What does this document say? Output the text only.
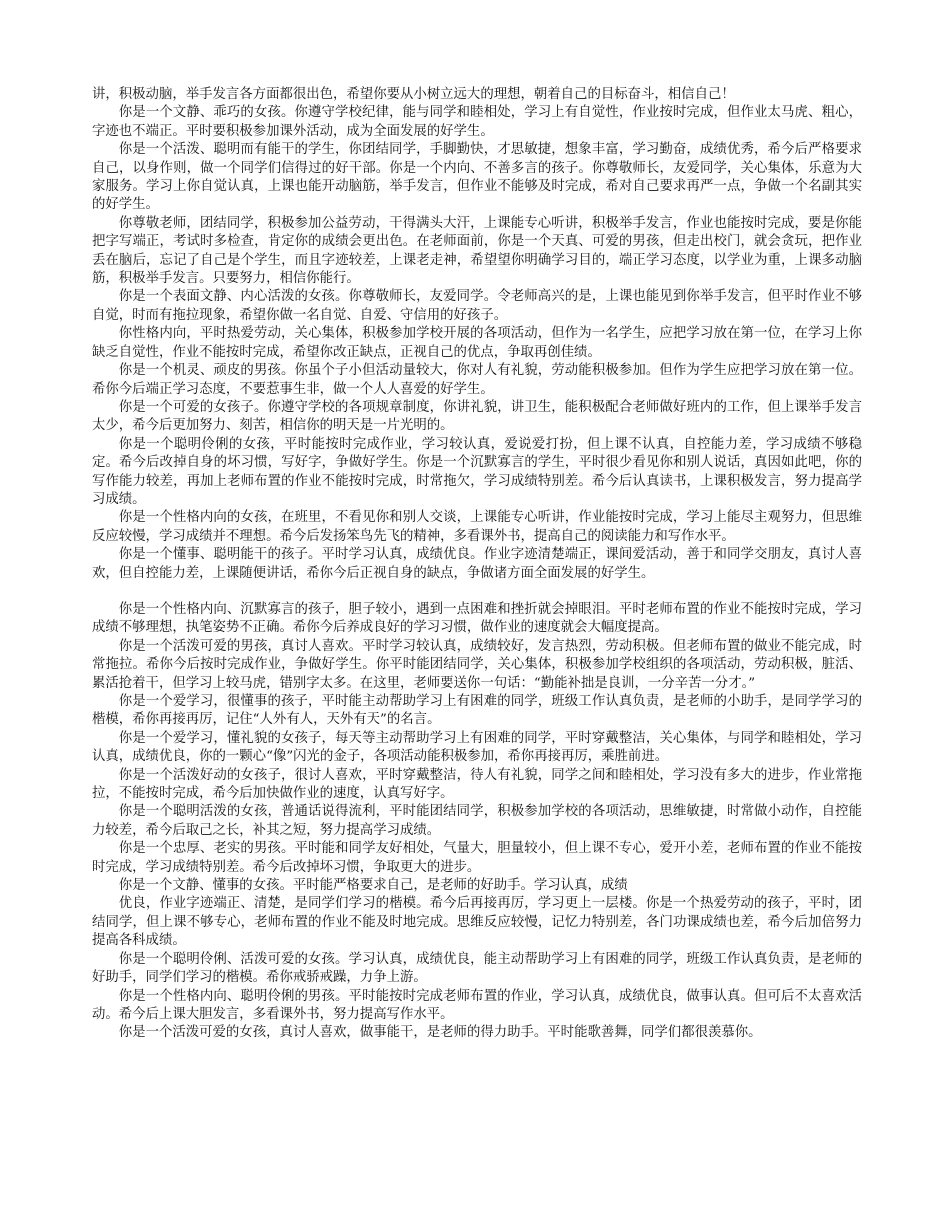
讲，积极动脑，举手发言各方面都很出色，希望你要从小树立远大的理想，朝着自己的目标奋斗，相信自己！

你是一个文静、乖巧的女孩。你遵守学校纪律，能与同学和睦相处，学习上有自觉性，作业按时完成，但作业太马虎、粗心，字迹也不端正。平时要积极参加课外活动，成为全面发展的好学生。

你是一个活泼、聪明而有能干的学生，你团结同学，手脚勤快，才思敏捷，想象丰富，学习勤奋，成绩优秀，希今后严格要求自己，以身作则，做一个同学们信得过的好干部。你是一个内向、不善多言的孩子。你尊敬师长，友爱同学，关心集体，乐意为大家服务。学习上你自觉认真，上课也能开动脑筋，举手发言，但作业不能够及时完成，希对自己要求再严一点，争做一个名副其实的好学生。

你尊敬老师，团结同学，积极参加公益劳动，干得满头大汗，上课能专心听讲，积极举手发言，作业也能按时完成，要是你能把字写端正，考试时多检查，肯定你的成绩会更出色。在老师面前，你是一个天真、可爱的男孩，但走出校门，就会贪玩，把作业丢在脑后，忘记了自己是个学生，而且字迹较差，上课老走神，希望望你明确学习目的，端正学习态度，以学业为重，上课多动脑筋，积极举手发言。只要努力，相信你能行。

你是一个表面文静、内心活泼的女孩。你尊敬师长，友爱同学。令老师高兴的是，上课也能见到你举手发言，但平时作业不够自觉，时而有拖拉现象，希望你做一名自觉、自爱、守信用的好孩子。

你性格内向，平时热爱劳动，关心集体，积极参加学校开展的各项活动，但作为一名学生，应把学习放在第一位，在学习上你缺乏自觉性，作业不能按时完成，希望你改正缺点，正视自己的优点，争取再创佳绩。

你是一个机灵、顽皮的男孩。你虽个子小但活动量较大，你对人有礼貌，劳动能积极参加。但作为学生应把学习放在第一位。希你今后端正学习态度，不要惹事生非，做一个人人喜爱的好学生。

你是一个可爱的女孩子。你遵守学校的各项规章制度，你讲礼貌，讲卫生，能积极配合老师做好班内的工作，但上课举手发言太少，希今后更加努力、刻苦，相信你的明天是一片光明的。

你是一个聪明伶俐的女孩，平时能按时完成作业，学习较认真，爱说爱打扮，但上课不认真，自控能力差，学习成绩不够稳定。希今后改掉自身的坏习惯，写好字，争做好学生。你是一个沉默寡言的学生，平时很少看见你和别人说话，真因如此吧，你的写作能力较差，再加上老师布置的作业不能按时完成，时常拖欠，学习成绩特别差。希今后认真读书，上课积极发言，努力提高学习成绩。

你是一个性格内向的女孩，在班里，不看见你和别人交谈，上课能专心听讲，作业能按时完成，学习上能尽主观努力，但思维反应较慢，学习成绩并不理想。希今后发扬笨鸟先飞的精神，多看课外书，提高自己的阅读能力和写作水平。

你是一个懂事、聪明能干的孩子。平时学习认真，成绩优良。作业字迹清楚端正，课间爱活动，善于和同学交朋友，真讨人喜欢，但自控能力差，上课随便讲话，希你今后正视自身的缺点，争做诸方面全面发展的好学生。

你是一个性格内向、沉默寡言的孩子，胆子较小，遇到一点困难和挫折就会掉眼泪。平时老师布置的作业不能按时完成，学习成绩不够理想，执笔姿势不正确。希你今后养成良好的学习习惯，做作业的速度就会大幅度提高。

你是一个活泼可爱的男孩，真讨人喜欢。平时学习较认真，成绩较好，发言热烈，劳动积极。但老师布置的做业不能完成，时常拖拉。希你今后按时完成作业，争做好学生。你平时能团结同学，关心集体，积极参加学校组织的各项活动，劳动积极，脏活、累活抢着干，但学习上较马虎，错别字太多。在这里，老师要送你一句话：“勤能补拙是良训，一分辛苦一分才。”

你是一个爱学习，很懂事的孩子，平时能主动帮助学习上有困难的同学，班级工作认真负责，是老师的小助手，是同学学习的楷模，希你再接再厉，记住“人外有人，天外有天”的名言。

你是一个爱学习，懂礼貌的女孩子，每天等主动帮助学习上有困难的同学，平时穿戴整洁，关心集体，与同学和睦相处，学习认真，成绩优良，你的一颗心“像”闪光的金子，各项活动能积极参加，希你再接再厉，乘胜前进。

你是一个活泼好动的女孩子，很讨人喜欢，平时穿戴整洁，待人有礼貌，同学之间和睦相处，学习没有多大的进步，作业常拖拉，不能按时完成，希今后加快做作业的速度，认真写好字。

你是一个聪明活泼的女孩，普通话说得流利，平时能团结同学，积极参加学校的各项活动，思维敏捷，时常做小动作，自控能力较差，希今后取己之长，补其之短，努力提高学习成绩。

你是一个忠厚、老实的男孩。平时能和同学友好相处，气量大，胆量较小，但上课不专心，爱开小差，老师布置的作业不能按时完成，学习成绩特别差。希今后改掉坏习惯，争取更大的进步。

你是一个文静、懂事的女孩。平时能严格要求自己，是老师的好助手。学习认真，成绩

优良，作业字迹端正、清楚，是同学们学习的楷模。希今后再接再厉，学习更上一层楼。你是一个热爱劳动的孩子，平时，团结同学，但上课不够专心，老师布置的作业不能及时地完成。思维反应较慢，记忆力特别差，各门功课成绩也差，希今后加倍努力提高各科成绩。

你是一个聪明伶俐、活泼可爱的女孩。学习认真，成绩优良，能主动帮助学习上有困难的同学，班级工作认真负责，是老师的好助手，同学们学习的楷模。希你戒骄戒躁，力争上游。

你是一个性格内向、聪明伶俐的男孩。平时能按时完成老师布置的作业，学习认真，成绩优良，做事认真。但可后不太喜欢活动。希今后上课大胆发言，多看课外书，努力提高写作水平。

你是一个活泼可爱的女孩，真讨人喜欢，做事能干，是老师的得力助手。平时能歌善舞，同学们都很羡慕你。
